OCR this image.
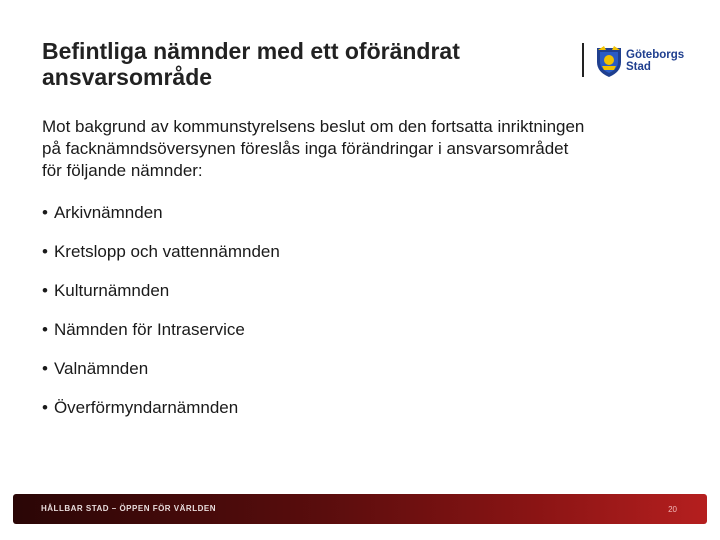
Befintliga nämnder med ett oförändrat
ansvarsområde
Göteborgs
Stad
Mot bakgrund av kommunstyrelsens beslut om den fortsatta inriktningen
på facknämndsöversynen föreslås inga förändringar i ansvarsområdet
för följande nämnder:
• Arkivnämnden
• Kretslopp och vattennämnden
• Kulturnämnden
• Nämnden för Intraservice
• Valnämnden
• Överförmyndarnämnden
HÅLLBAR STAD – ÖPPEN FÖR VÄRLDEN	20
